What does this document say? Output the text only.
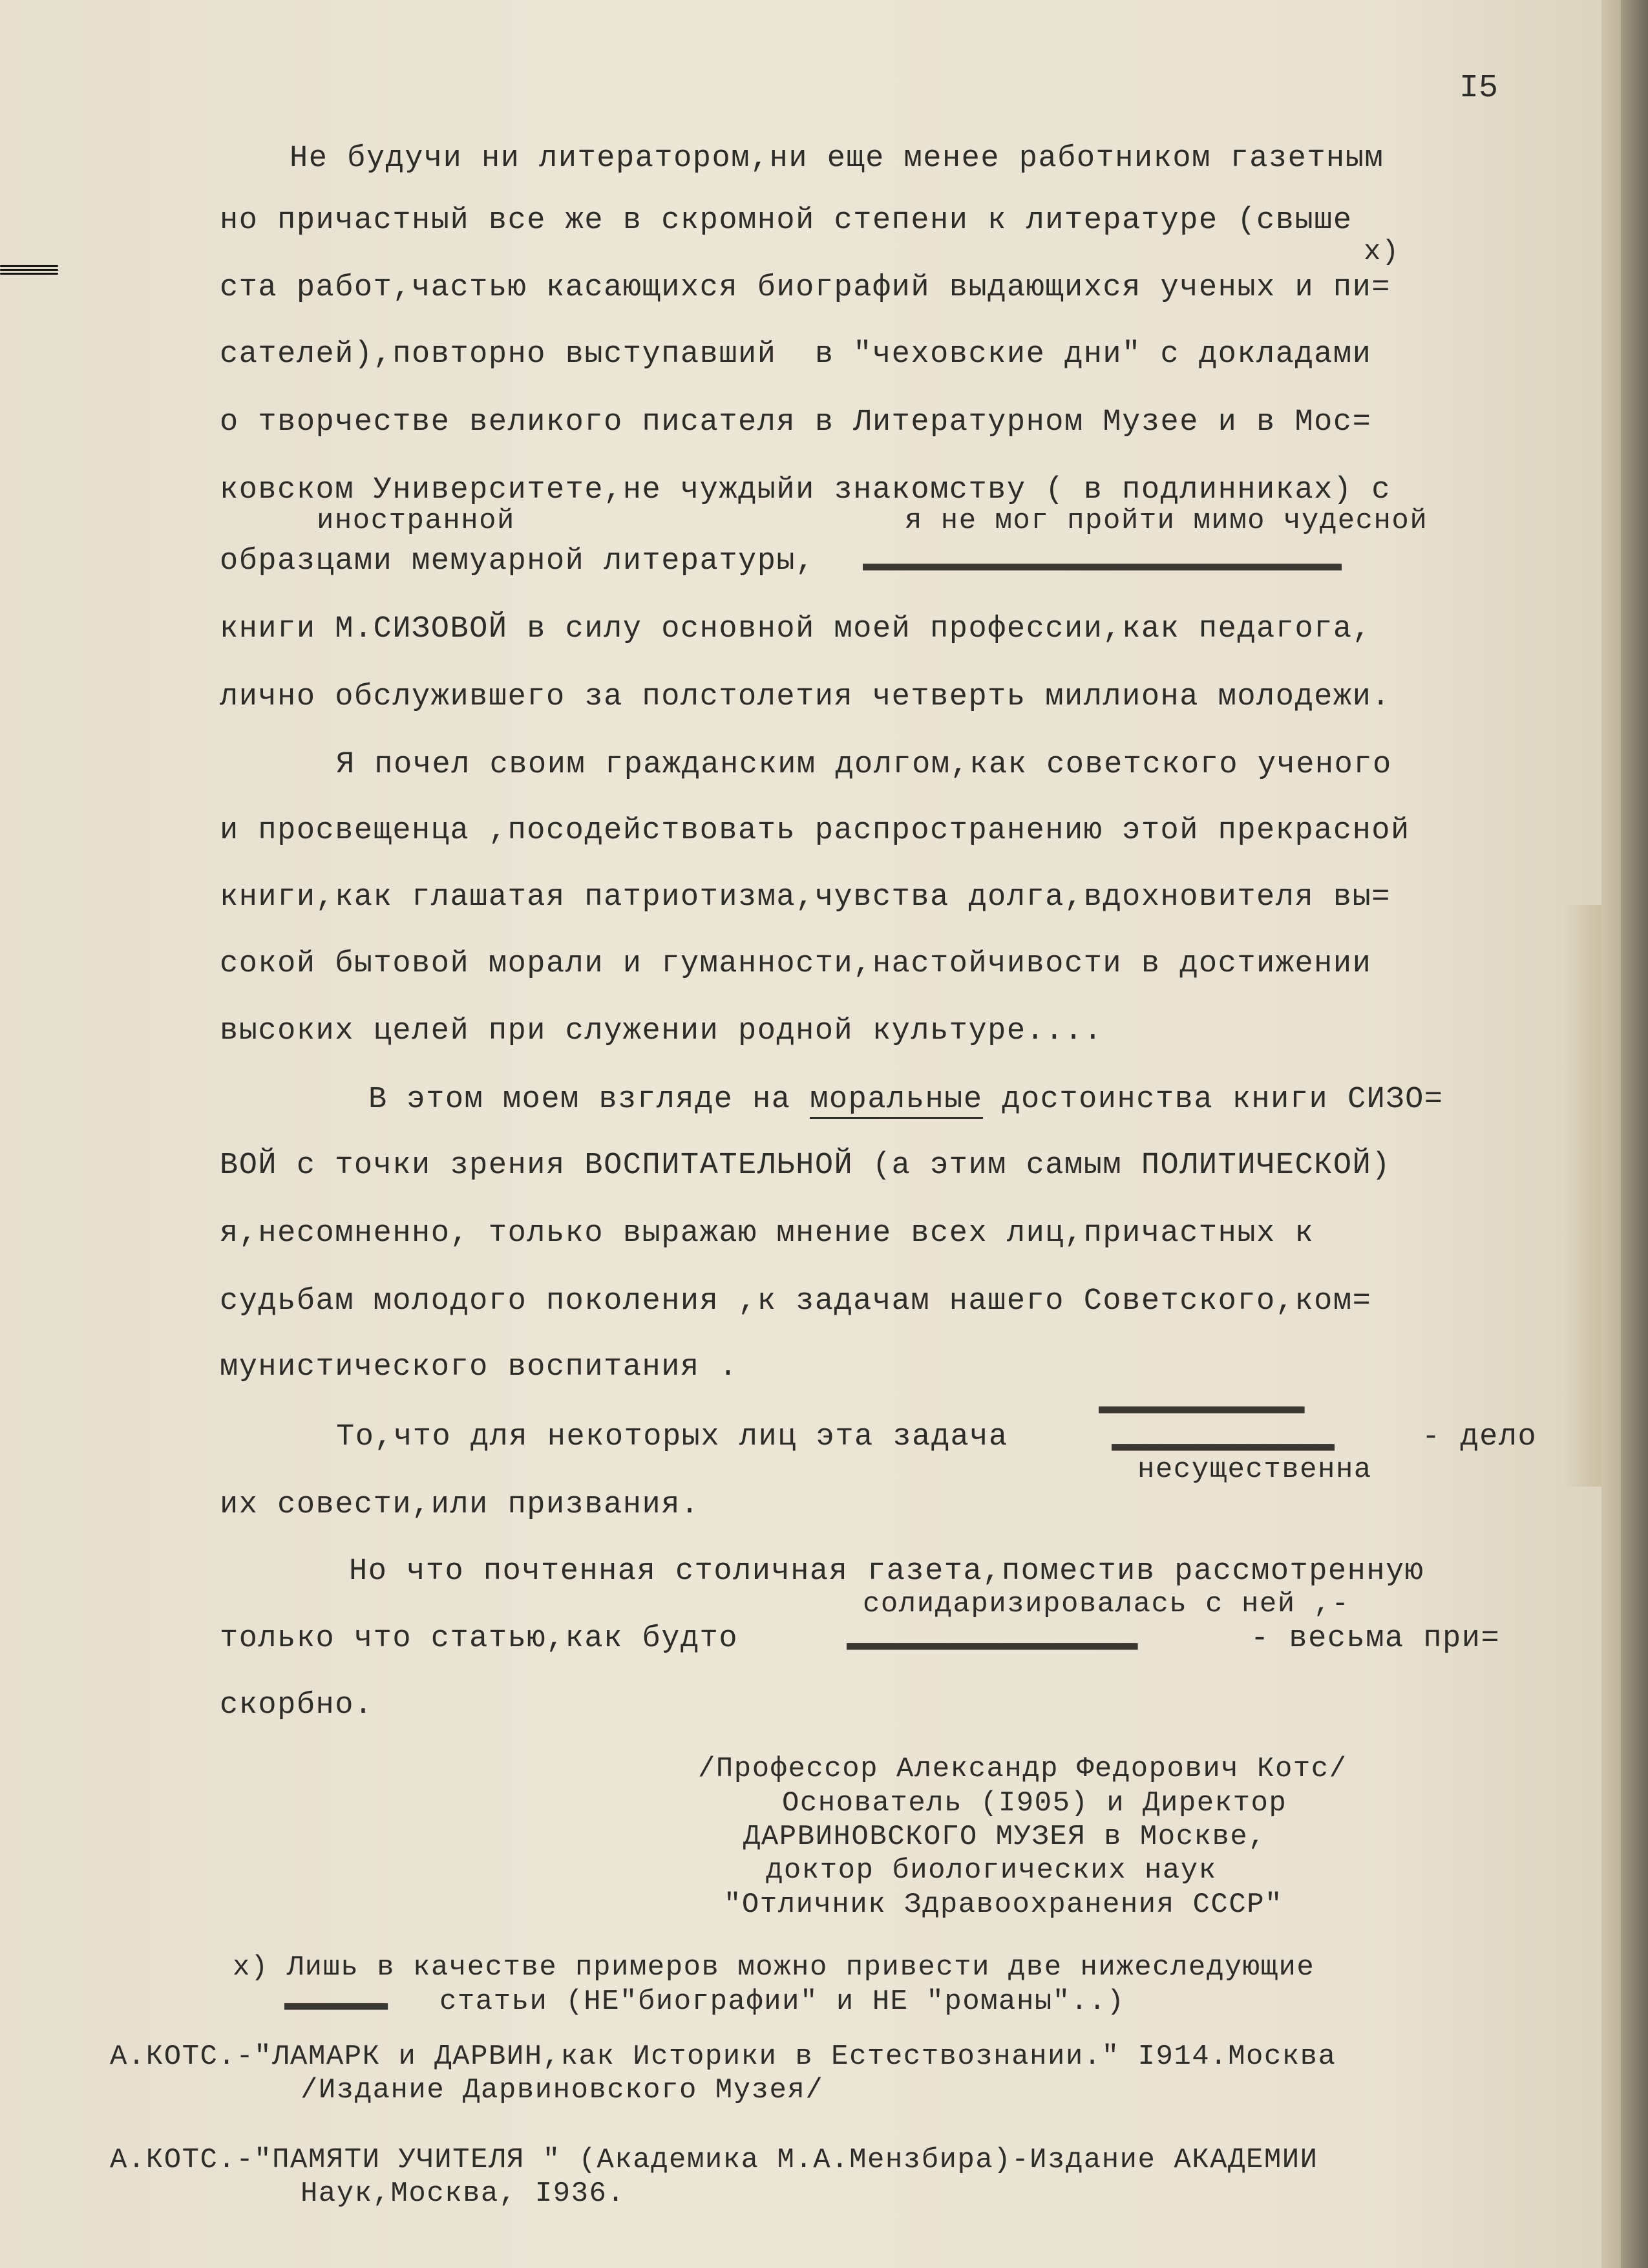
I5
Не будучи ни литератором,ни еще менее работником газетным
но причастный все же в скромной степени к литературе (свыше
х)
ста работ,частью касающихся биографий выдающихся ученых и пи=
сателей),повторно выступавший  в "чеховские дни" с докладами
о творчестве великого писателя в Литературном Музее и в Мос=
ковском Университете,не чуждыйи знакомству ( в подлинниках) с
иностранной	я не мог пройти мимо чудесной
образцами мемуарной литературы, ▬▬▬▬▬▬▬▬▬▬▬▬▬▬▬▬▬▬▬▬▬▬▬▬▬▬▬▬
книги М.СИЗОВОЙ в силу основной моей профессии,как педагога,
лично обслужившего за полстолетия четверть миллиона молодежи.
Я почел своим гражданским долгом,как советского ученого
и просвещенца ,посодействовать распространению этой прекрасной
книги,как глашатая патриотизма,чувства долга,вдохновителя вы=
сокой бытовой морали и гуманности,настойчивости в достижении
высоких целей при служении родной культуре....
В этом моем взгляде на моральные достоинства книги СИЗО=
ВОЙ с точки зрения ВОСПИТАТЕЛЬНОЙ (а этим самым ПОЛИТИЧЕСКОЙ)
я,несомненно, только выражаю мнение всех лиц,причастных к
судьбам молодого поколения ,к задачам нашего Советского,ком=
мунистического воспитания .
▬▬▬▬▬▬▬▬▬▬▬▬
То,что для некоторых лиц эта задача	▬▬▬▬▬▬▬▬▬▬▬▬▬	- дело
несущественна
их совести,или призвания.
Но что почтенная столичная газета,поместив рассмотренную
солидаризировалась с ней ,-
только что статью,как будто	▬▬▬▬▬▬▬▬▬▬▬▬▬▬▬▬▬	- весьма при=
скорбно.
/Профессор Александр Федорович Котс/
Основатель (I905) и Директор
ДАРВИНОВСКОГО МУЗЕЯ в Москве,
доктор биологических наук
"Отличник Здравоохранения СССР"
х) Лишь в качестве примеров можно привести две нижеследующие
▬▬▬▬▬▬	статьи (НЕ"биографии" и НЕ "романы"..)
А.КОТС.-"ЛАМАРК и ДАРВИН,как Историки в Естествознании." I914.Москва
/Издание Дарвиновского Музея/
А.КОТС.-"ПАМЯТИ УЧИТЕЛЯ " (Академика М.А.Мензбира)-Издание АКАДЕМИИ
Наук,Москва, I936.
